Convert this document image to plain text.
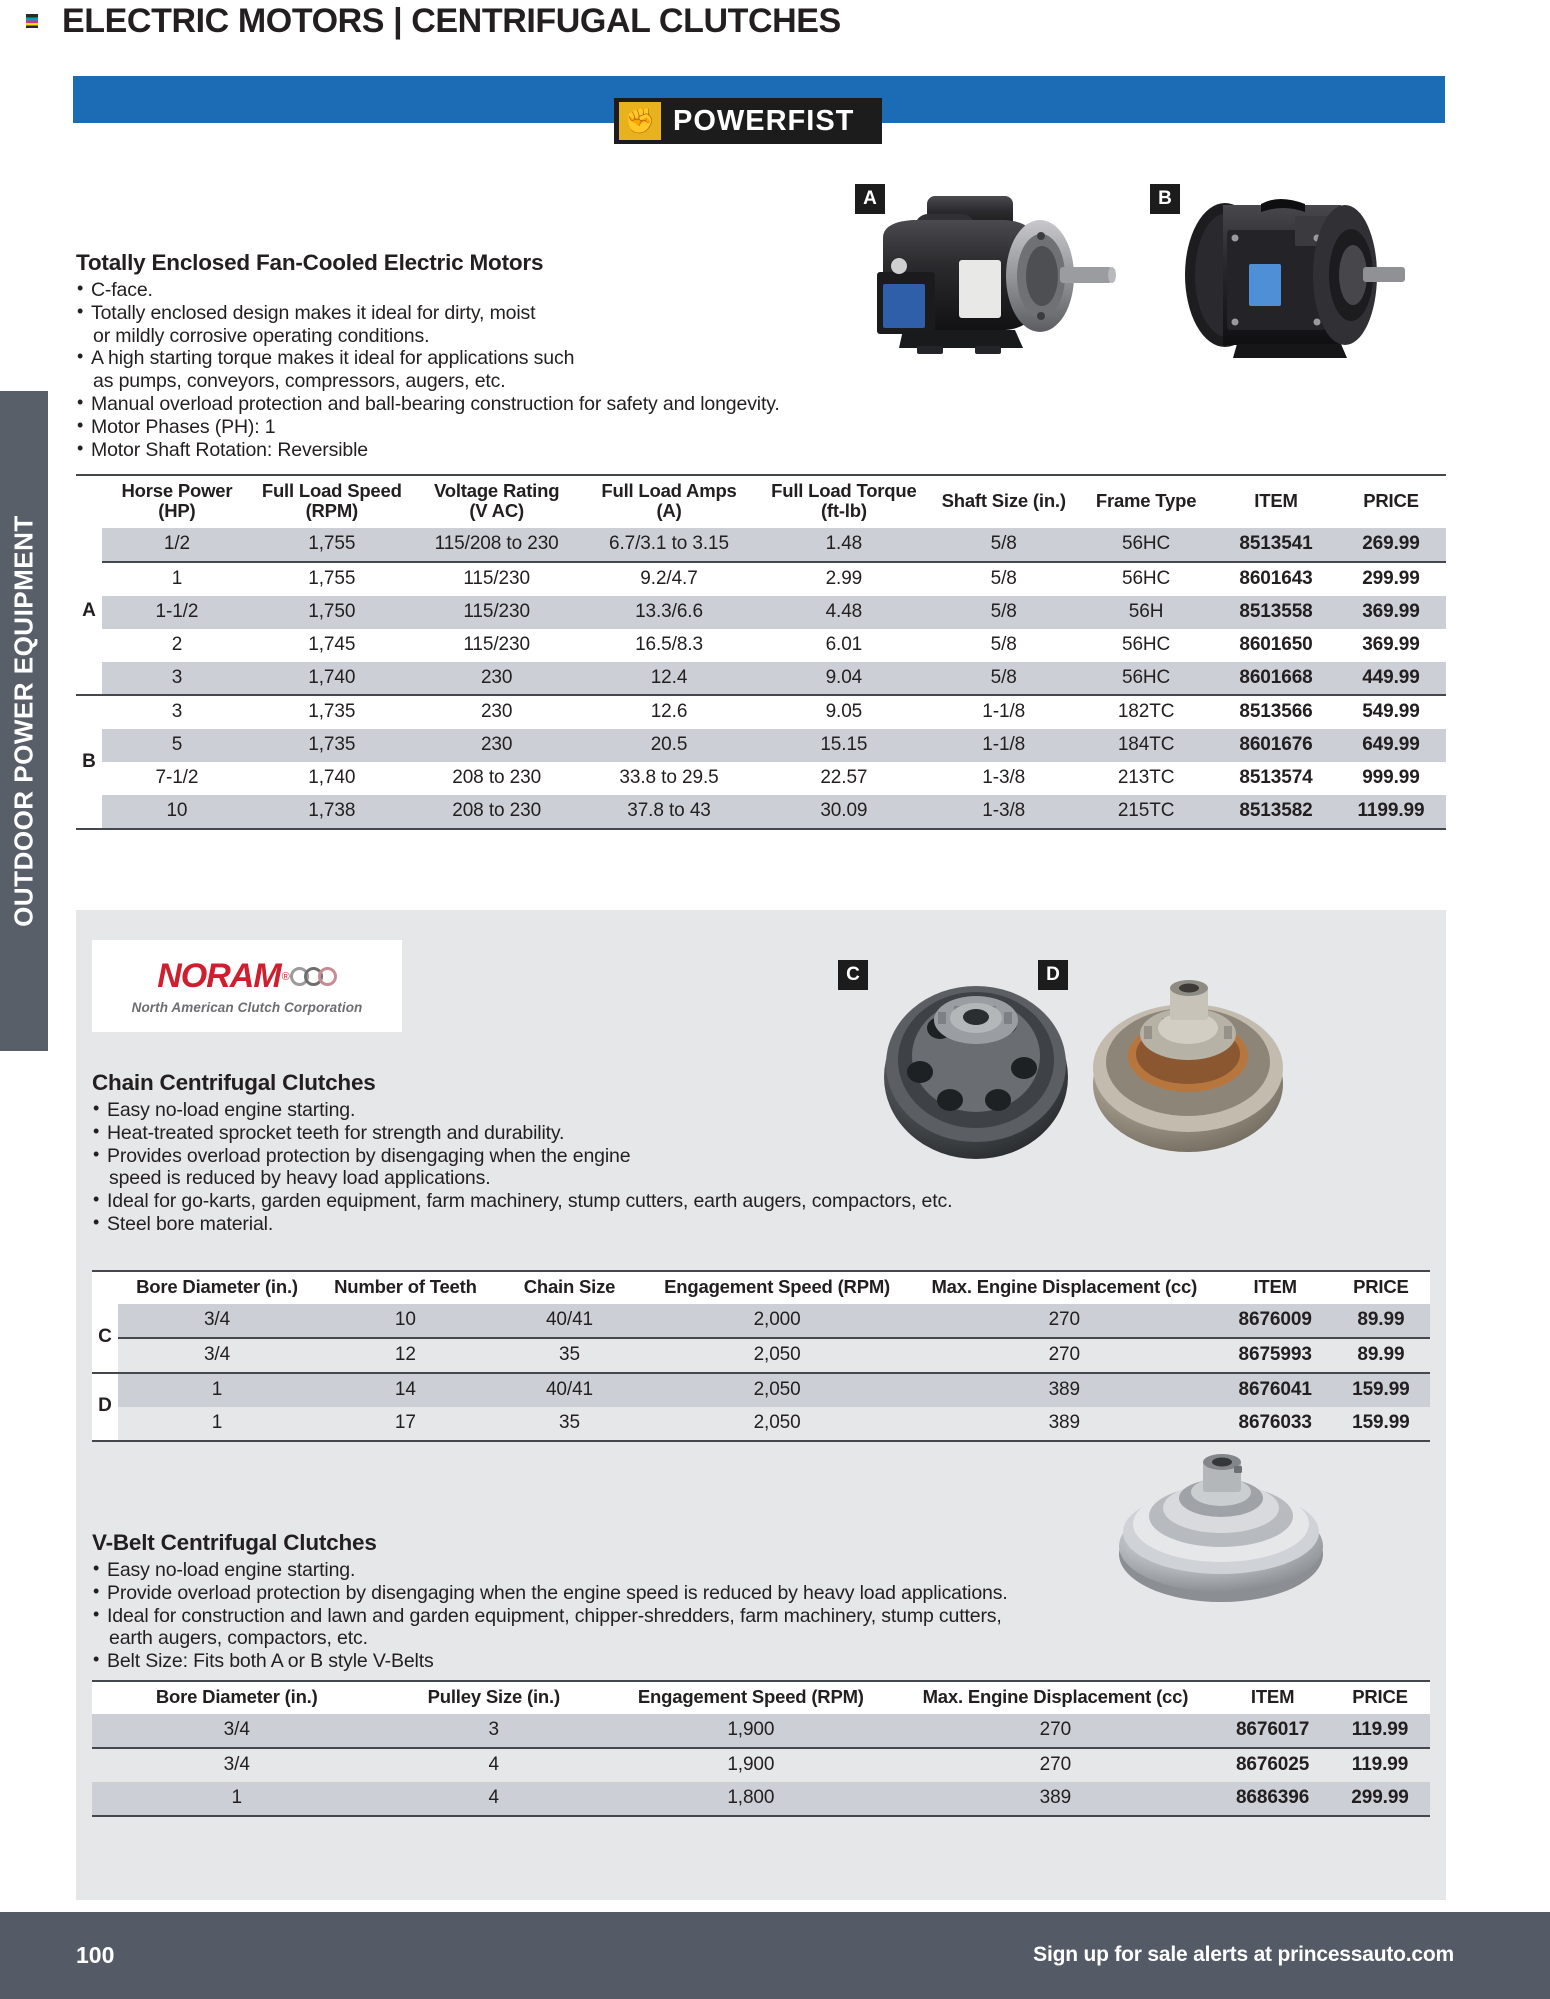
ELECTRIC MOTORS | CENTRIFUGAL CLUTCHES
✊ POWERFIST
OUTDOOR POWER EQUIPMENT
Totally Enclosed Fan-Cooled Electric Motors
• C-face.
• Totally enclosed design makes it ideal for dirty, moist
or mildly corrosive operating conditions.
• A high starting torque makes it ideal for applications such
as pumps, conveyors, compressors, augers, etc.
• Manual overload protection and ball-bearing construction for safety and longevity.
• Motor Phases (PH): 1
• Motor Shaft Rotation: Reversible
A	B
	Horse Power
(HP)	Full Load Speed
(RPM)	Voltage Rating
(V AC)	Full Load Amps
(A)	Full Load Torque
(ft-lb)	Shaft Size (in.)	Frame Type	ITEM	PRICE
A	1/2	1,755	115/208 to 230	6.7/3.1 to 3.15	1.48	5/8	56HC	8513541	269.99
	1	1,755	115/230	9.2/4.7	2.99	5/8	56HC	8601643	299.99
	1-1/2	1,750	115/230	13.3/6.6	4.48	5/8	56H	8513558	369.99
	2	1,745	115/230	16.5/8.3	6.01	5/8	56HC	8601650	369.99
	3	1,740	230	12.4	9.04	5/8	56HC	8601668	449.99
B	3	1,735	230	12.6	9.05	1-1/8	182TC	8513566	549.99
	5	1,735	230	20.5	15.15	1-1/8	184TC	8601676	649.99
	7-1/2	1,740	208 to 230	33.8 to 29.5	22.57	1-3/8	213TC	8513574	999.99
	10	1,738	208 to 230	37.8 to 43	30.09	1-3/8	215TC	8513582	1199.99
NORAM ®
North American Clutch Corporation
C	D
Chain Centrifugal Clutches
• Easy no-load engine starting.
• Heat-treated sprocket teeth for strength and durability.
• Provides overload protection by disengaging when the engine
speed is reduced by heavy load applications.
• Ideal for go-karts, garden equipment, farm machinery, stump cutters, earth augers, compactors, etc.
• Steel bore material.
	Bore Diameter (in.)	Number of Teeth	Chain Size	Engagement Speed (RPM)	Max. Engine Displacement (cc)	ITEM	PRICE
C	3/4	10	40/41	2,000	270	8676009	89.99
	3/4	12	35	2,050	270	8675993	89.99
D	1	14	40/41	2,050	389	8676041	159.99
	1	17	35	2,050	389	8676033	159.99
V-Belt Centrifugal Clutches
• Easy no-load engine starting.
• Provide overload protection by disengaging when the engine speed is reduced by heavy load applications.
• Ideal for construction and lawn and garden equipment, chipper-shredders, farm machinery, stump cutters,
earth augers, compactors, etc.
• Belt Size: Fits both A or B style V-Belts
Bore Diameter (in.)	Pulley Size (in.)	Engagement Speed (RPM)	Max. Engine Displacement (cc)	ITEM	PRICE
3/4	3	1,900	270	8676017	119.99
3/4	4	1,900	270	8676025	119.99
1	4	1,800	389	8686396	299.99
100	Sign up for sale alerts at princessauto.com
